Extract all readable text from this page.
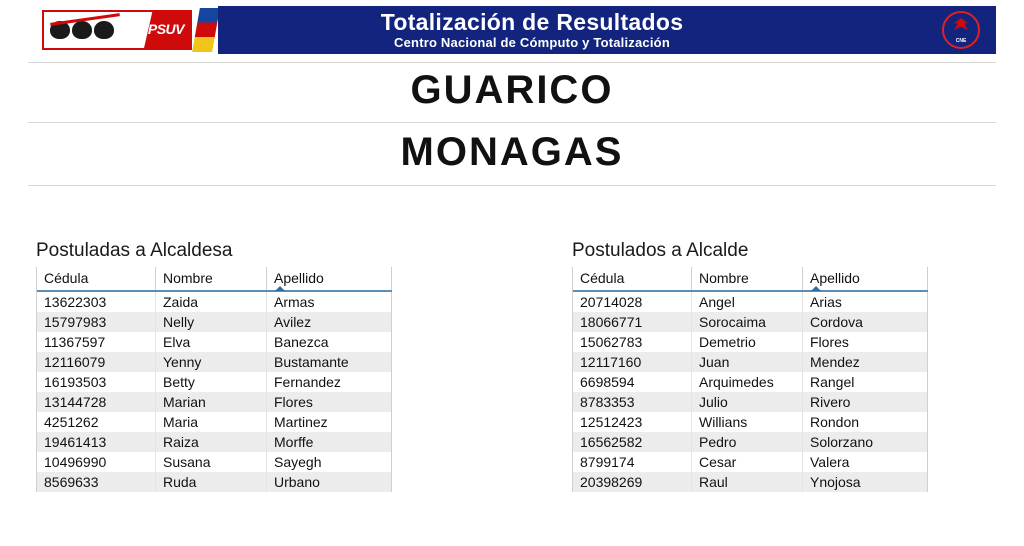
PSUV	Totalización de Resultados
Centro Nacional de Cómputo y Totalización	CNE
GUARICO
MONAGAS
Postuladas a Alcaldesa
Cédula	Nombre	Apellido
13622303	Zaida	Armas
15797983	Nelly	Avilez
11367597	Elva	Banezca
12116079	Yenny	Bustamante
16193503	Betty	Fernandez
13144728	Marian	Flores
4251262	Maria	Martinez
19461413	Raiza	Morffe
10496990	Susana	Sayegh
8569633	Ruda	Urbano
Postulados a Alcalde
Cédula	Nombre	Apellido
20714028	Angel	Arias
18066771	Sorocaima	Cordova
15062783	Demetrio	Flores
12117160	Juan	Mendez
6698594	Arquimedes	Rangel
8783353	Julio	Rivero
12512423	Willians	Rondon
16562582	Pedro	Solorzano
8799174	Cesar	Valera
20398269	Raul	Ynojosa
